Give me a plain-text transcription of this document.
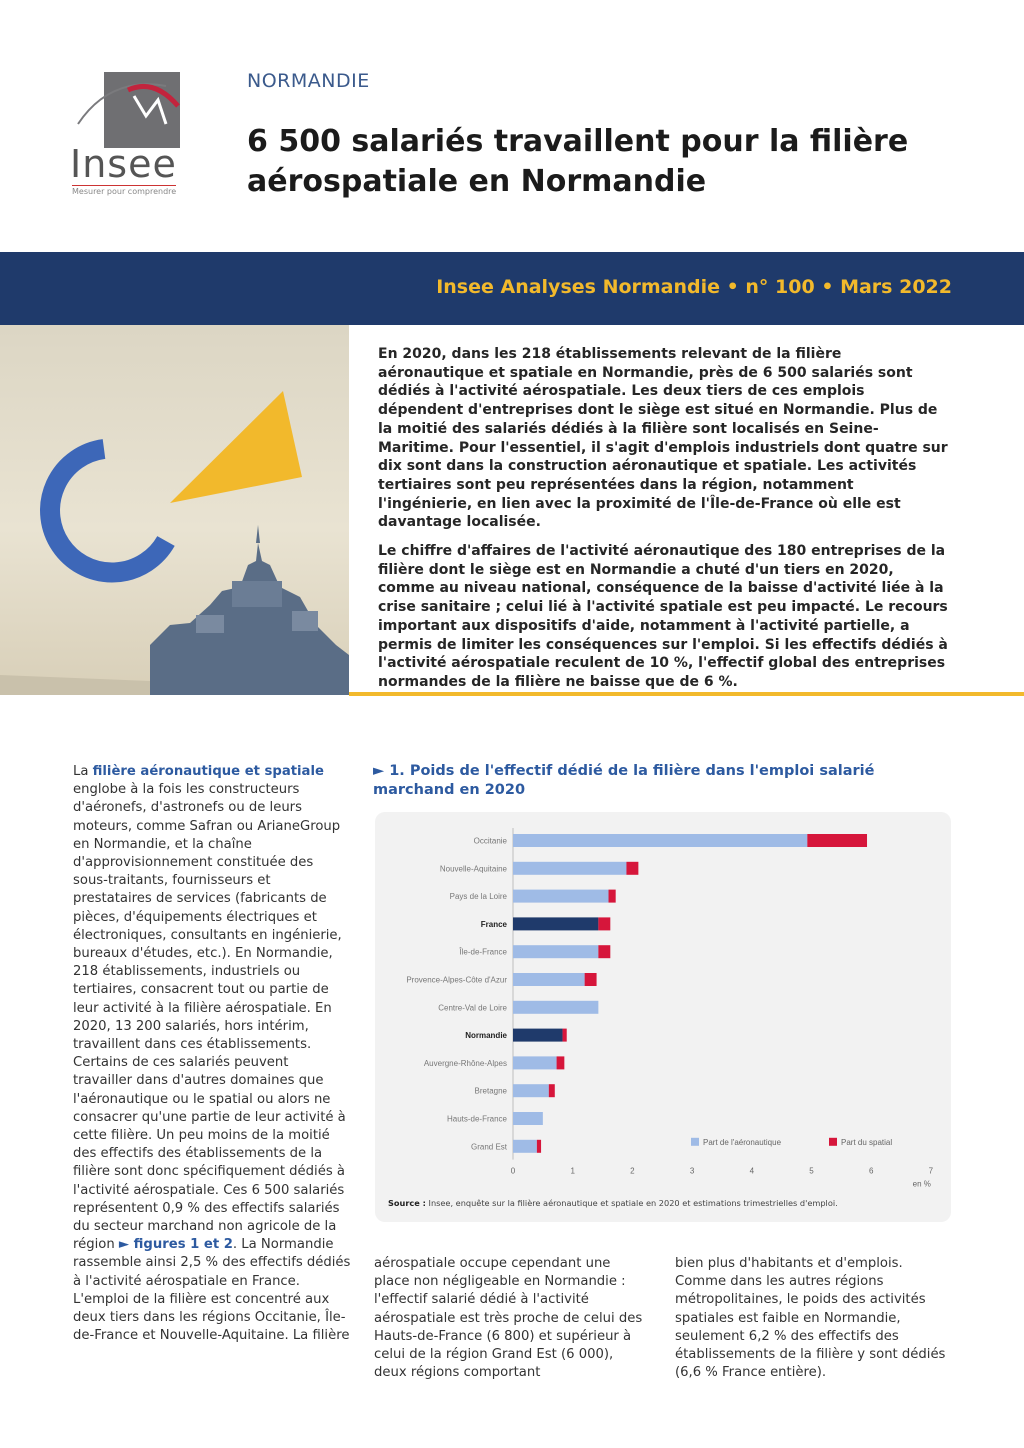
Insee
Mesurer pour comprendre
NORMANDIE
6 500 salariés travaillent pour la filière aérospatiale en Normandie
Insee Analyses Normandie • n° 100 • Mars 2022

En 2020, dans les 218 établissements relevant de la filière aéronautique et spatiale en Normandie, près de 6 500 salariés sont dédiés à l'activité aérospatiale. Les deux tiers de ces emplois dépendent d'entreprises dont le siège est situé en Normandie. Plus de la moitié des salariés dédiés à la filière sont localisés en Seine-Maritime. Pour l'essentiel, il s'agit d'emplois industriels dont quatre sur dix sont dans la construction aéronautique et spatiale. Les activités tertiaires sont peu représentées dans la région, notamment l'ingénierie, en lien avec la proximité de l'Île-de-France où elle est davantage localisée.

Le chiffre d'affaires de l'activité aéronautique des 180 entreprises de la filière dont le siège est en Normandie a chuté d'un tiers en 2020, comme au niveau national, conséquence de la baisse d'activité liée à la crise sanitaire ; celui lié à l'activité spatiale est peu impacté. Le recours important aux dispositifs d'aide, notamment à l'activité partielle, a permis de limiter les conséquences sur l'emploi. Si les effectifs dédiés à l'activité aérospatiale reculent de 10 %, l'effectif global des entreprises normandes de la filière ne baisse que de 6 %.

La filière aéronautique et spatiale englobe à la fois les constructeurs d'aéronefs, d'astronefs ou de leurs moteurs, comme Safran ou ArianeGroup en Normandie, et la chaîne d'approvisionnement constituée des sous-traitants, fournisseurs et prestataires de services (fabricants de pièces, d'équipements électriques et électroniques, consultants en ingénierie, bureaux d'études, etc.). En Normandie, 218 établissements, industriels ou tertiaires, consacrent tout ou partie de leur activité à la filière aérospatiale. En 2020, 13 200 salariés, hors intérim, travaillent dans ces établissements. Certains de ces salariés peuvent travailler dans d'autres domaines que l'aéronautique ou le spatial ou alors ne consacrer qu'une partie de leur activité à cette filière. Un peu moins de la moitié des effectifs des établissements de la filière sont donc spécifiquement dédiés à l'activité aérospatiale. Ces 6 500 salariés représentent 0,9 % des effectifs salariés du secteur marchand non agricole de la région ► figures 1 et 2. La Normandie rassemble ainsi 2,5 % des effectifs dédiés à l'activité aérospatiale en France. L'emploi de la filière est concentré aux deux tiers dans les régions Occitanie, Île-de-France et Nouvelle-Aquitaine. La filière
► 1. Poids de l'effectif dédié de la filière dans l'emploi salarié marchand en 2020
Occitanie
Nouvelle-Aquitaine
Pays de la Loire
France
Île-de-France
Provence-Alpes-Côte d'Azur
Centre-Val de Loire
Normandie
Auvergne-Rhône-Alpes
Bretagne
Hauts-de-France
Grand Est
0	1	2	3	4	5	6	7
en %
Part de l'aéronautique	Part du spatial
Source : Insee, enquête sur la filière aéronautique et spatiale en 2020 et estimations trimestrielles d'emploi.
aérospatiale occupe cependant une place non négligeable en Normandie : l'effectif salarié dédié à l'activité aérospatiale est très proche de celui des Hauts-de-France (6 800) et supérieur à celui de la région Grand Est (6 000), deux régions comportant
bien plus d'habitants et d'emplois. Comme dans les autres régions métropolitaines, le poids des activités spatiales est faible en Normandie, seulement 6,2 % des effectifs des établissements de la filière y sont dédiés (6,6 % France entière).
